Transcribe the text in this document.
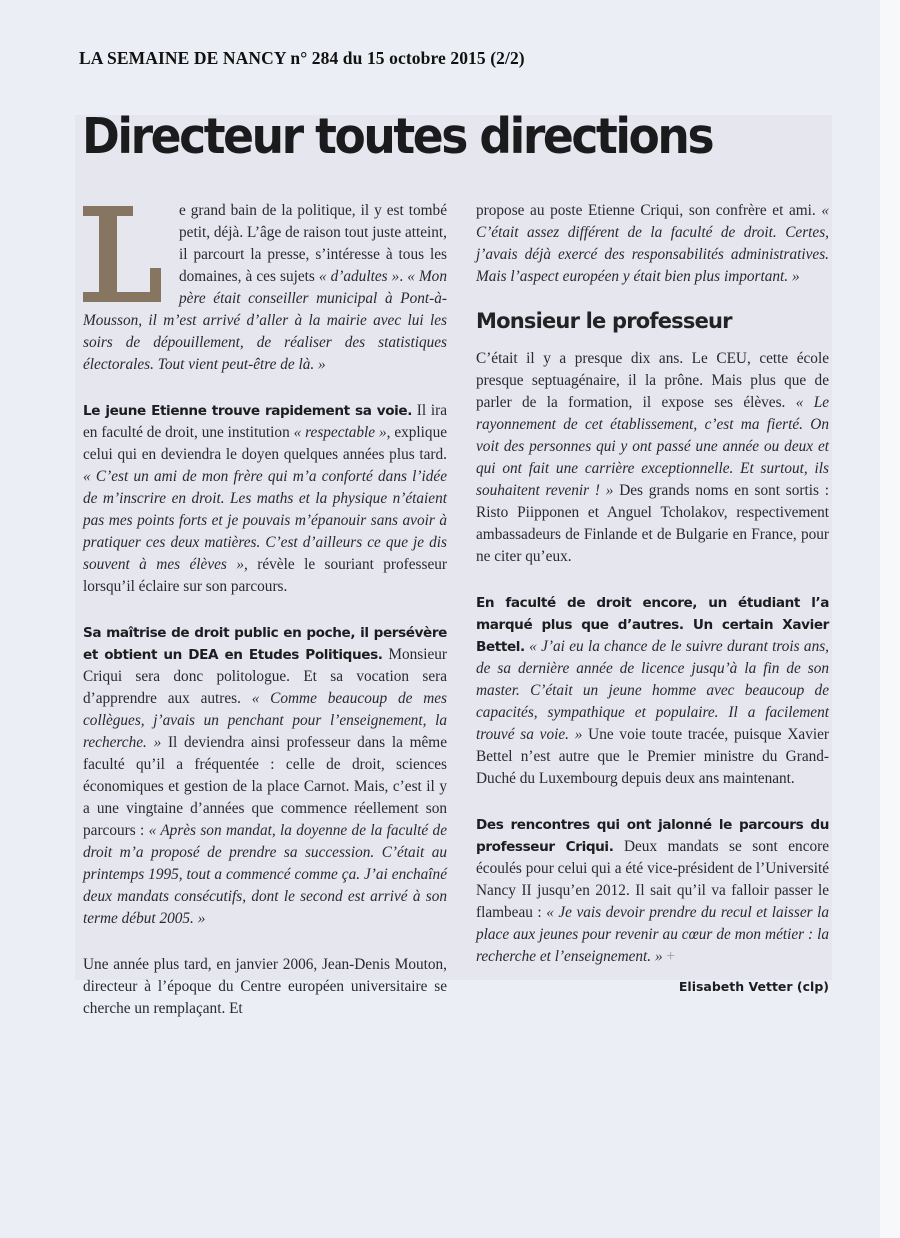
LA SEMAINE DE NANCY n° 284 du 15 octobre 2015 (2/2)
Directeur toutes directions

e grand bain de la politique, il y est tombé petit, déjà. L’âge de raison tout juste atteint, il parcourt la presse, s’intéresse à tous les domaines, à ces sujets « d’adultes ». « Mon père était conseiller municipal à Pont-à-Mousson, il m’est arrivé d’aller à la mairie avec lui les soirs de dépouillement, de réaliser des statistiques électorales. Tout vient peut-être de là. »

Le jeune Etienne trouve rapidement sa voie. Il ira en faculté de droit, une institution « respectable », explique celui qui en deviendra le doyen quelques années plus tard. « C’est un ami de mon frère qui m’a conforté dans l’idée de m’inscrire en droit. Les maths et la physique n’étaient pas mes points forts et je pouvais m’épanouir sans avoir à pratiquer ces deux matières. C’est d’ailleurs ce que je dis souvent à mes élèves », révèle le souriant professeur lorsqu’il éclaire sur son parcours.

Sa maîtrise de droit public en poche, il persévère et obtient un DEA en Etudes Politiques. Monsieur Criqui sera donc politologue. Et sa vocation sera d’apprendre aux autres. « Comme beaucoup de mes collègues, j’avais un penchant pour l’enseignement, la recherche. » Il deviendra ainsi professeur dans la même faculté qu’il a fréquentée : celle de droit, sciences économiques et gestion de la place Carnot. Mais, c’est il y a une vingtaine d’années que commence réellement son parcours : « Après son mandat, la doyenne de la faculté de droit m’a proposé de prendre sa succession. C’était au printemps 1995, tout a commencé comme ça. J’ai enchaîné deux mandats consécutifs, dont le second est arrivé à son terme début 2005. »

Une année plus tard, en janvier 2006, Jean-Denis Mouton, directeur à l’époque du Centre européen universitaire se cherche un remplaçant. Et

propose au poste Etienne Criqui, son confrère et ami. « C’était assez différent de la faculté de droit. Certes, j’avais déjà exercé des responsabilités administratives. Mais l’aspect européen y était bien plus important. »

Monsieur le professeur

C’était il y a presque dix ans. Le CEU, cette école presque septuagénaire, il la prône. Mais plus que de parler de la formation, il expose ses élèves. « Le rayonnement de cet établissement, c’est ma fierté. On voit des personnes qui y ont passé une année ou deux et qui ont fait une carrière exceptionnelle. Et surtout, ils souhaitent revenir ! » Des grands noms en sont sortis : Risto Piipponen et Anguel Tcholakov, respectivement ambassadeurs de Finlande et de Bulgarie en France, pour ne citer qu’eux.

En faculté de droit encore, un étudiant l’a marqué plus que d’autres. Un certain Xavier Bettel. « J’ai eu la chance de le suivre durant trois ans, de sa dernière année de licence jusqu’à la fin de son master. C’était un jeune homme avec beaucoup de capacités, sympathique et populaire. Il a facilement trouvé sa voie. » Une voie toute tracée, puisque Xavier Bettel n’est autre que le Premier ministre du Grand-Duché du Luxembourg depuis deux ans maintenant.

Des rencontres qui ont jalonné le parcours du professeur Criqui. Deux mandats se sont encore écoulés pour celui qui a été vice-président de l’Université Nancy II jusqu’en 2012. Il sait qu’il va falloir passer le flambeau : « Je vais devoir prendre du recul et laisser la place aux jeunes pour revenir au cœur de mon métier : la recherche et l’enseignement. » +

Elisabeth Vetter (clp)
